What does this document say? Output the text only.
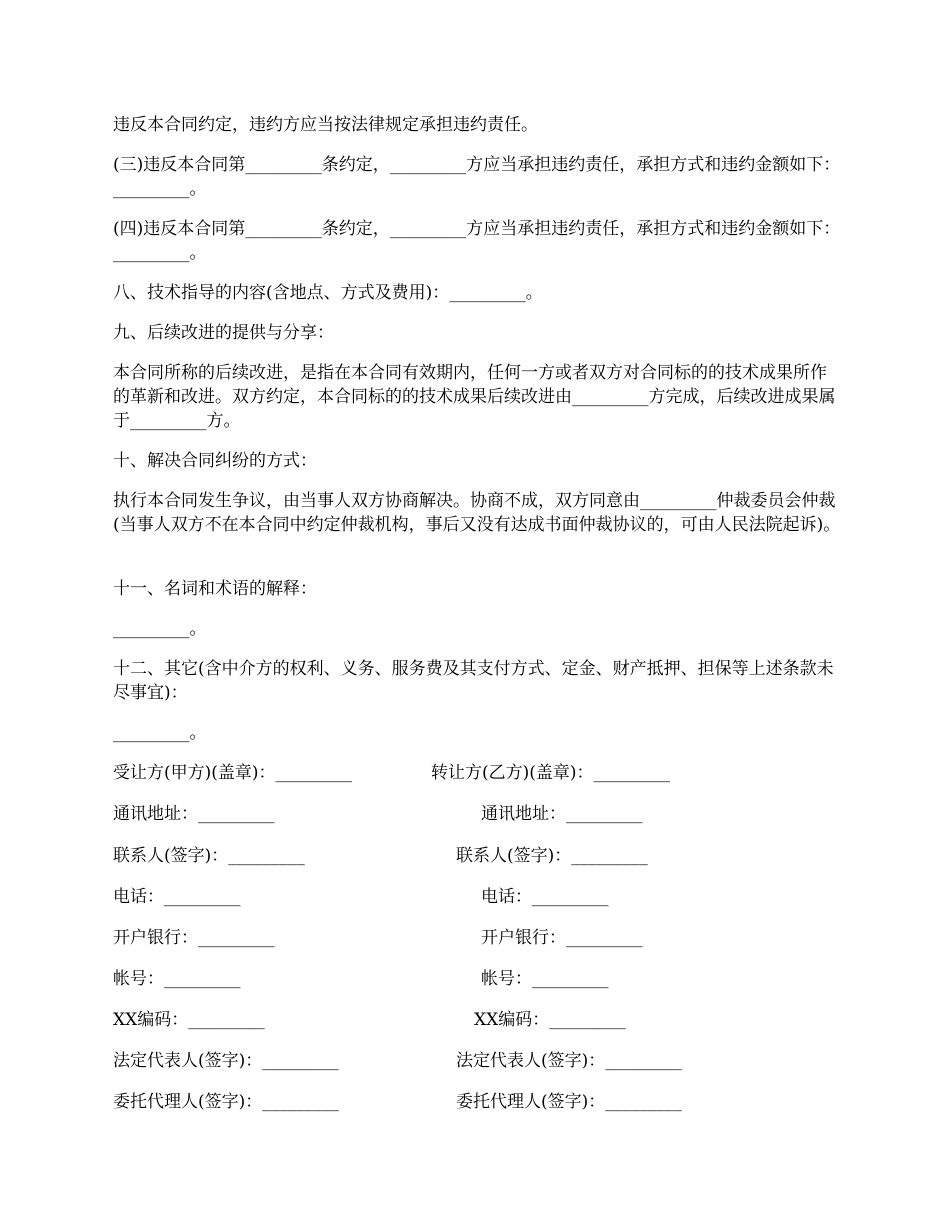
违反本合同约定，违约方应当按法律规定承担违约责任。

(三)违反本合同第_________条约定，_________方应当承担违约责任，承担方式和违约金额如下：_________。

(四)违反本合同第_________条约定，_________方应当承担违约责任，承担方式和违约金额如下：_________。

八、技术指导的内容(含地点、方式及费用)：_________。

九、后续改进的提供与分享：

本合同所称的后续改进，是指在本合同有效期内，任何一方或者双方对合同标的的技术成果所作的革新和改进。双方约定，本合同标的的技术成果后续改进由_________方完成，后续改进成果属于_________方。

十、解决合同纠纷的方式：

执行本合同发生争议，由当事人双方协商解决。协商不成，双方同意由_________仲裁委员会仲裁(当事人双方不在本合同中约定仲裁机构，事后又没有达成书面仲裁协议的，可由人民法院起诉)。

十一、名词和术语的解释：

_________。

十二、其它(含中介方的权利、义务、服务费及其支付方式、定金、财产抵押、担保等上述条款未尽事宜)：

_________。

受让方(甲方)(盖章)：_________	转让方(乙方)(盖章)：_________
通讯地址：_________	通讯地址：_________
联系人(签字)：_________	联系人(签字)：_________
电话：_________	电话：_________
开户银行：_________	开户银行：_________
帐号：_________	帐号：_________
XX编码：_________	XX编码：_________
法定代表人(签字)：_________	法定代表人(签字)：_________
委托代理人(签字)：_________	委托代理人(签字)：_________
